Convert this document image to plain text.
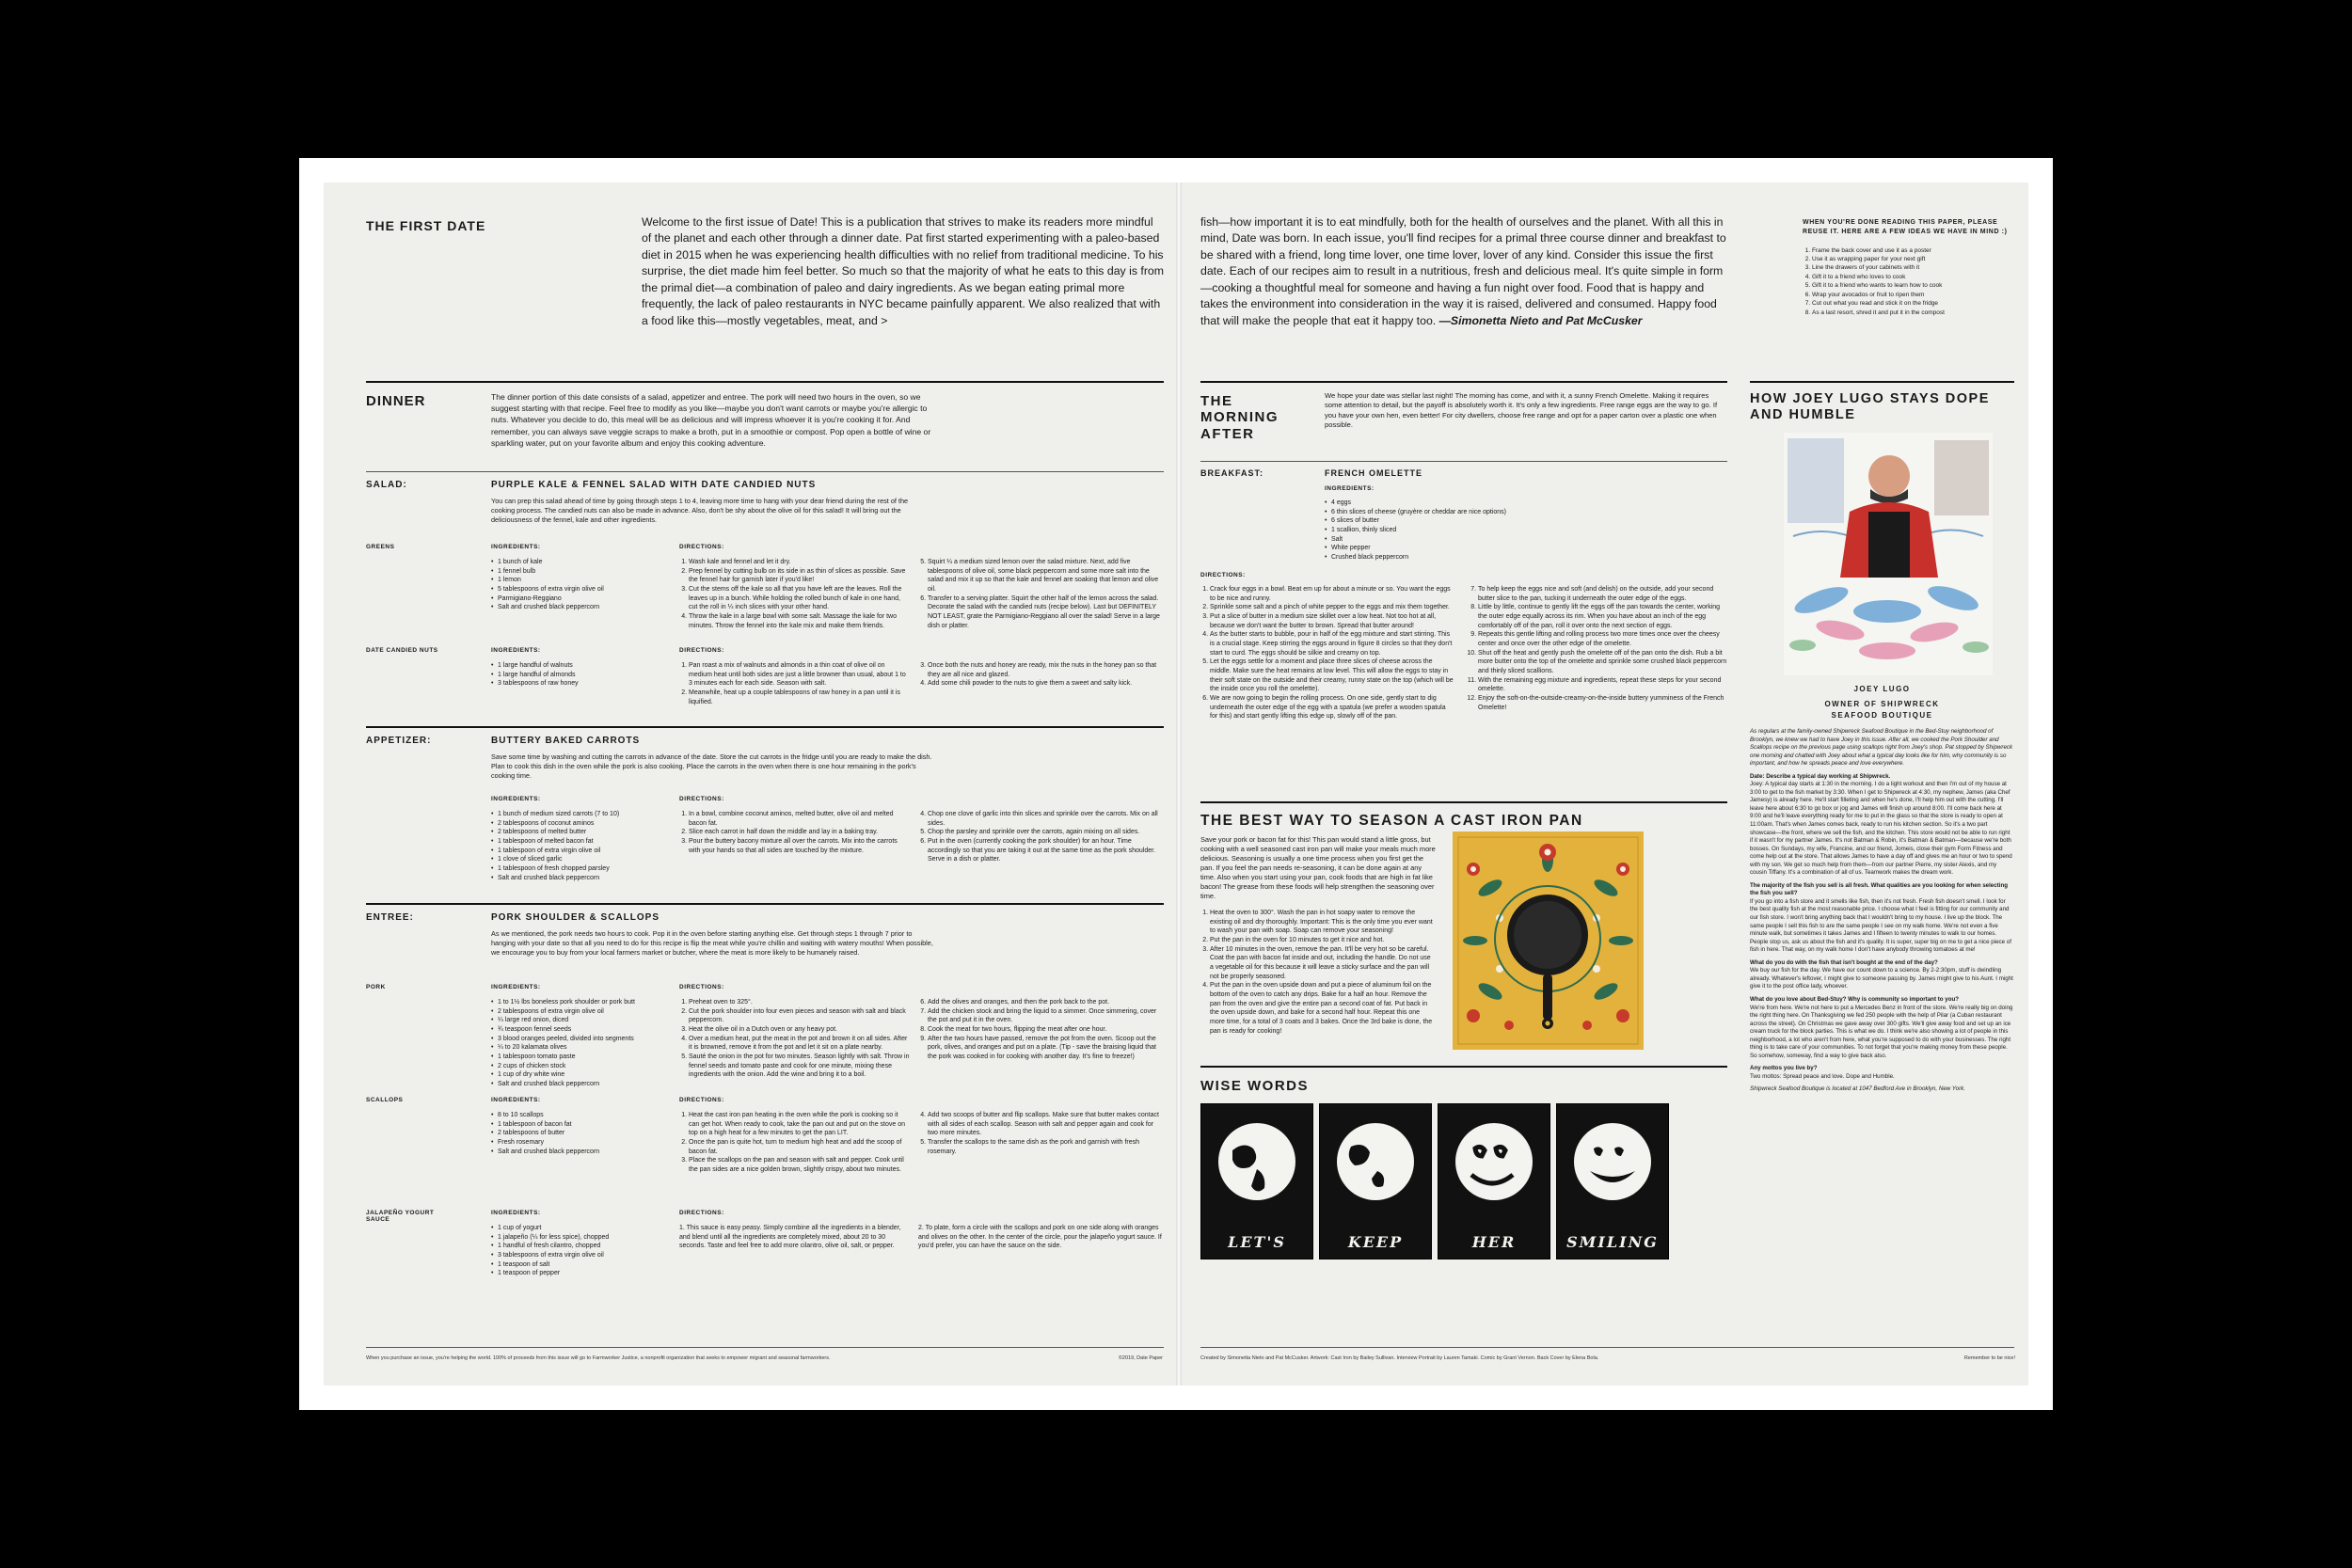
THE FIRST DATE	Welcome to the first issue of Date! This is a publication that strives to make its readers more mindful of the planet and each other through a dinner date. Pat first started experimenting with a paleo-based diet in 2015 when he was experiencing health difficulties with no relief from traditional medicine. To his surprise, the diet made him feel better. So much so that the majority of what he eats to this day is from the primal diet—a combination of paleo and dairy ingredients. As we began eating primal more frequently, the lack of paleo restaurants in NYC became painfully apparent. We also realized that with a food like this—mostly vegetables, meat, and >
DINNER	The dinner portion of this date consists of a salad, appetizer and entree. The pork will need two hours in the oven, so we suggest starting with that recipe. Feel free to modify as you like—maybe you don't want carrots or maybe you're allergic to nuts. Whatever you decide to do, this meal will be as delicious and will impress whoever it is you're cooking it for. And remember, you can always save veggie scraps to make a broth, put in a smoothie or compost. Pop open a bottle of wine or sparkling water, put on your favorite album and enjoy this cooking adventure.
SALAD:	PURPLE KALE & FENNEL SALAD WITH DATE CANDIED NUTS
You can prep this salad ahead of time by going through steps 1 to 4, leaving more time to hang with your dear friend during the rest of the cooking process. The candied nuts can also be made in advance. Also, don't be shy about the olive oil for this salad! It will bring out the deliciousness of the fennel, kale and other ingredients.
GREENS	INGREDIENTS:	DIRECTIONS:
• 1 bunch of kale
• 1 fennel bulb
• 1 lemon
• 5 tablespoons of extra virgin olive oil
• Parmigiano-Reggiano
• Salt and crushed black peppercorn
1. Wash kale and fennel and let it dry.
2. Prep fennel by cutting bulb on its side in as thin of slices as possible. Save the fennel hair for garnish later if you'd like!
3. Cut the stems off the kale so all that you have left are the leaves. Roll the leaves up in a bunch. While holding the rolled bunch of kale in one hand, cut the roll in ¼ inch slices with your other hand.
4. Throw the kale in a large bowl with some salt. Massage the kale for two minutes. Throw the fennel into the kale mix and make them friends.
5. Squirt ¼ a medium sized lemon over the salad mixture. Next, add five tablespoons of olive oil, some black peppercorn and some more salt into the salad and mix it up so that the kale and fennel are soaking that lemon and olive oil.
6. Transfer to a serving platter. Squirt the other half of the lemon across the salad. Decorate the salad with the candied nuts (recipe below). Last but DEFINITELY NOT LEAST, grate the Parmigiano-Reggiano all over the salad! Serve in a large dish or platter.
DATE CANDIED NUTS	INGREDIENTS:	DIRECTIONS:
• 1 large handful of walnuts
• 1 large handful of almonds
• 3 tablespoons of raw honey
1. Pan roast a mix of walnuts and almonds in a thin coat of olive oil on medium heat until both sides are just a little browner than usual, about 1 to 3 minutes each for each side. Season with salt.
2. Meanwhile, heat up a couple tablespoons of raw honey in a pan until it is liquified.
3. Once both the nuts and honey are ready, mix the nuts in the honey pan so that they are all nice and glazed.
4. Add some chili powder to the nuts to give them a sweet and salty kick.
APPETIZER:	BUTTERY BAKED CARROTS
Save some time by washing and cutting the carrots in advance of the date. Store the cut carrots in the fridge until you are ready to make the dish. Plan to cook this dish in the oven while the pork is also cooking. Place the carrots in the oven when there is one hour remaining in the pork's cooking time.
INGREDIENTS:	DIRECTIONS:
• 1 bunch of medium sized carrots (7 to 10)
• 2 tablespoons of coconut aminos
• 2 tablespoons of melted butter
• 1 tablespoon of melted bacon fat
• 1 tablespoon of extra virgin olive oil
• 1 clove of sliced garlic
• 1 tablespoon of fresh chopped parsley
• Salt and crushed black peppercorn
1. In a bowl, combine coconut aminos, melted butter, olive oil and melted bacon fat.
2. Slice each carrot in half down the middle and lay in a baking tray.
3. Pour the buttery bacony mixture all over the carrots. Mix into the carrots with your hands so that all sides are touched by the mixture.
4. Chop one clove of garlic into thin slices and sprinkle over the carrots. Mix on all sides.
5. Chop the parsley and sprinkle over the carrots, again mixing on all sides.
6. Put in the oven (currently cooking the pork shoulder) for an hour. Time accordingly so that you are taking it out at the same time as the pork shoulder. Serve in a dish or platter.
ENTREE:	PORK SHOULDER & SCALLOPS
As we mentioned, the pork needs two hours to cook. Pop it in the oven before starting anything else. Get through steps 1 through 7 prior to hanging with your date so that all you need to do for this recipe is flip the meat while you're chillin and waiting with watery mouths! When possible, we encourage you to buy from your local farmers market or butcher, where the meat is more likely to be humanely raised.
PORK	INGREDIENTS:	DIRECTIONS:
• 1 to 1½ lbs boneless pork shoulder or pork butt
• 2 tablespoons of extra virgin olive oil
• ¼ large red onion, diced
• ¾ teaspoon fennel seeds
• 3 blood oranges peeled, divided into segments
• ¼ to 20 kalamata olives
• 1 tablespoon tomato paste
• 2 cups of chicken stock
• 1 cup of dry white wine
• Salt and crushed black peppercorn
1. Preheat oven to 325°.
2. Cut the pork shoulder into four even pieces and season with salt and black peppercorn.
3. Heat the olive oil in a Dutch oven or any heavy pot.
4. Over a medium heat, put the meat in the pot and brown it on all sides. After it is browned, remove it from the pot and let it sit on a plate nearby.
5. Sauté the onion in the pot for two minutes. Season lightly with salt. Throw in fennel seeds and tomato paste and cook for one minute, mixing these ingredients with the onion. Add the wine and bring it to a boil.
6. Add the olives and oranges, and then the pork back to the pot.
7. Add the chicken stock and bring the liquid to a simmer. Once simmering, cover the pot and put it in the oven.
8. Cook the meat for two hours, flipping the meat after one hour.
9. After the two hours have passed, remove the pot from the oven. Scoop out the pork, olives, and oranges and put on a plate. (Tip - save the braising liquid that the pork was cooked in for cooking with another day. It's fine to freeze!)
SCALLOPS	INGREDIENTS:	DIRECTIONS:
• 8 to 10 scallops
• 1 tablespoon of bacon fat
• 2 tablespoons of butter
• Fresh rosemary
• Salt and crushed black peppercorn
1. Heat the cast iron pan heating in the oven while the pork is cooking so it can get hot. When ready to cook, take the pan out and put on the stove on top on a high heat for a few minutes to get the pan LIT.
2. Once the pan is quite hot, turn to medium high heat and add the scoop of bacon fat.
3. Place the scallops on the pan and season with salt and pepper. Cook until the pan sides are a nice golden brown, slightly crispy, about two minutes.
4. Add two scoops of butter and flip scallops. Make sure that butter makes contact with all sides of each scallop. Season with salt and pepper again and cook for two more minutes.
5. Transfer the scallops to the same dish as the pork and garnish with fresh rosemary.
JALAPEÑO YOGURT SAUCE
INGREDIENTS:	DIRECTIONS:
• 1 cup of yogurt
• 1 jalapeño (¼ for less spice), chopped
• 1 handful of fresh cilantro, chopped
• 3 tablespoons of extra virgin olive oil
• 1 teaspoon of salt
• 1 teaspoon of pepper
1. This sauce is easy peasy. Simply combine all the ingredients in a blender, and blend until all the ingredients are completely mixed, about 20 to 30 seconds. Taste and feel free to add more cilantro, olive oil, salt, or pepper.
2. To plate, form a circle with the scallops and pork on one side along with oranges and olives on the other. In the center of the circle, pour the jalapeño yogurt sauce. If you'd prefer, you can have the sauce on the side.
When you purchase an issue, you're helping the world. 100% of proceeds from this issue will go to Farmworker Justice, a nonprofit organization that seeks to empower migrant and seasonal farmworkers.	©2019, Date Paper
fish—how important it is to eat mindfully, both for the health of ourselves and the planet. With all this in mind, Date was born. In each issue, you'll find recipes for a primal three course dinner and breakfast to be shared with a friend, long time lover, one time lover, lover of any kind. Consider this issue the first date. Each of our recipes aim to result in a nutritious, fresh and delicious meal. It's quite simple in form—cooking a thoughtful meal for someone and having a fun night over food. Food that is happy and takes the environment into consideration in the way it is raised, delivered and consumed. Happy food that will make the people that eat it happy too. —Simonetta Nieto and Pat McCusker
WHEN YOU'RE DONE READING THIS PAPER, PLEASE REUSE IT. HERE ARE A FEW IDEAS WE HAVE IN MIND :)
1. Frame the back cover and use it as a poster
2. Use it as wrapping paper for your next gift
3. Line the drawers of your cabinets with it
4. Gift it to a friend who loves to cook
5. Gift it to a friend who wants to learn how to cook
6. Wrap your avocados or fruit to ripen them
7. Cut out what you read and stick it on the fridge
8. As a last resort, shred it and put it in the compost
THE MORNING AFTER
We hope your date was stellar last night! The morning has come, and with it, a sunny French Omelette. Making it requires some attention to detail, but the payoff is absolutely worth it. It's only a few ingredients. Free range eggs are the way to go. If you have your own hen, even better! For city dwellers, choose free range and opt for a paper carton over a plastic one when possible.
BREAKFAST:	FRENCH OMELETTE
INGREDIENTS:
• 4 eggs
• 6 thin slices of cheese (gruyère or cheddar are nice options)
• 6 slices of butter
• 1 scallion, thinly sliced
• Salt
• White pepper
• Crushed black peppercorn
DIRECTIONS:
1. Crack four eggs in a bowl. Beat em up for about a minute or so. You want the eggs to be nice and runny.
2. Sprinkle some salt and a pinch of white pepper to the eggs and mix them together.
3. Put a slice of butter in a medium size skillet over a low heat. Not too hot at all, because we don't want the butter to brown. Spread that butter around!
4. As the butter starts to bubble, pour in half of the egg mixture and start stirring. This is a crucial stage. Keep stirring the eggs around in figure 8 circles so that they don't start to curd. The eggs should be silkie and creamy on top.
5. Let the eggs settle for a moment and place three slices of cheese across the middle. Make sure the heat remains at low level. This will allow the eggs to stay in their soft state on the outside and their creamy, runny state on the top (which will be the inside once you roll the omelette).
6. We are now going to begin the rolling process. On one side, gently start to dig underneath the outer edge of the egg with a spatula (we prefer a wooden spatula for this) and start gently lifting this edge up, slowly off of the pan.
7. To help keep the eggs nice and soft (and delish) on the outside, add your second butter slice to the pan, tucking it underneath the outer edge of the eggs.
8. Little by little, continue to gently lift the eggs off the pan towards the center, working the outer edge equally across its rim. When you have about an inch of the egg comfortably off of the pan, roll it over onto the next section of eggs.
9. Repeats this gentle lifting and rolling process two more times once over the cheesy center and once over the other edge of the omelette.
10. Shut off the heat and gently push the omelette off of the pan onto the dish. Rub a bit more butter onto the top of the omelette and sprinkle some crushed black peppercorn and thinly sliced scallions.
11. With the remaining egg mixture and ingredients, repeat these steps for your second omelette.
12. Enjoy the soft-on-the-outside-creamy-on-the-inside buttery yumminess of the French Omelette!
THE BEST WAY TO SEASON A CAST IRON PAN
Save your pork or bacon fat for this! This pan would stand a little gross, but cooking with a well seasoned cast iron pan will make your meals much more delicious. Seasoning is usually a one time process when you first get the pan. If you feel the pan needs re-seasoning, it can be done again at any time. Also when you start using your pan, cook foods that are high in fat like bacon! The grease from these foods will help strengthen the seasoning over time.
1. Heat the oven to 300°. Wash the pan in hot soapy water to remove the existing oil and dry thoroughly. Important: This is the only time you ever want to wash your pan with soap. Soap can remove your seasoning!
2. Put the pan in the oven for 10 minutes to get it nice and hot.
3. After 10 minutes in the oven, remove the pan. It'll be very hot so be careful. Coat the pan with bacon fat inside and out, including the handle. Do not use a vegetable oil for this because it will leave a sticky surface and the pan will not be properly seasoned.
4. Put the pan in the oven upside down and put a piece of aluminum foil on the bottom of the oven to catch any drips. Bake for a half an hour. Remove the pan from the oven and give the entire pan a second coat of fat. Put back in the oven upside down, and bake for a second half hour. Repeat this one more time, for a total of 3 coats and 3 bakes. Once the 3rd bake is done, the pan is ready for cooking!
WISE WORDS
LET'S	KEEP	HER	SMILING
Created by Simonetta Nieto and Pat McCusker. Artwork: Cast Iron by Bailey Sullivan. Interview Portrait by Lauren Tamaki. Comic by Grant Vernon. Back Cover by Elena Bola.	Remember to be nice!
HOW JOEY LUGO STAYS DOPE AND HUMBLE
JOEY LUGO
OWNER OF SHIPWRECK SEAFOOD BOUTIQUE

As regulars at the family-owned Shipwreck Seafood Boutique in the Bed-Stuy neighborhood of Brooklyn, we knew we had to have Joey in this issue. After all, we cooked the Pork Shoulder and Scallops recipe on the previous page using scallops right from Joey's shop. Pat stopped by Shipwreck one morning and chatted with Joey about what a typical day looks like for him, why community is so important, and how he spreads peace and love everywhere.

Date: Describe a typical day working at Shipwreck.

Joey: A typical day starts at 1:30 in the morning. I do a light workout and then I'm out of my house at 3:00 to get to the fish market by 3:30. When I get to Shipwreck at 4:30, my nephew, James (aka Chef Jamesy) is already here. He'll start filleting and when he's done, I'll help him out with the cutting. I'll leave here about 6:30 to go box or jog and James will finish up around 8:00. I'll come back here at 9:00 and he'll leave everything ready for me to put in the glass so that the store is ready to open at 11:00am. That's when James comes back, ready to run his kitchen section. So it's a two part showcase—the front, where we sell the fish, and the kitchen. This store would not be able to run right if it wasn't for my partner James. It's not Batman & Robin, it's Batman & Batman—because we're both bosses. On Sundays, my wife, Francine, and our friend, Jomeis, close their gym Form Fitness and come help out at the store. That allows James to have a day off and gives me an hour or two to spend with my son. We get so much help from them—from our partner Pierre, my sister Alexis, and my cousin Tiffany. It's a combination of all of us. Teamwork makes the dream work.

The majority of the fish you sell is all fresh. What qualities are you looking for when selecting the fish you sell?

If you go into a fish store and it smells like fish, then it's not fresh. Fresh fish doesn't smell. I look for the best quality fish at the most reasonable price. I choose what I feel is fitting for our community and our fish store. I won't bring anything back that I wouldn't bring to my house. I live up the block. The same people I sell this fish to are the same people I see on my walk home. We're not even a five minute walk, but sometimes it takes James and I fifteen to twenty minutes to walk to our homes. People stop us, ask us about the fish and it's quality. It is super, super big on me to get a nice piece of fish in here. That way, on my walk home I don't have anybody throwing tomatoes at me!

What do you do with the fish that isn't bought at the end of the day?

We buy our fish for the day. We have our count down to a science. By 2-2:30pm, stuff is dwindling already. Whatever's leftover, I might give to someone passing by. James might give to his Aunt. I might give it to the post office lady, whoever.

What do you love about Bed-Stuy? Why is community so important to you?

We're from here. We're not here to put a Mercedes Benz in front of the store. We're really big on doing the right thing here. On Thanksgiving we fed 250 people with the help of Pilar (a Cuban restaurant across the street). On Christmas we gave away over 300 gifts. We'll give away food and set up an ice cream truck for the block parties. This is what we do. I think we're also showing a lot of people in this neighborhood, a lot who aren't from here, what you're supposed to do with your businesses. The right thing is to take care of your communities. To not forget that you're making money from these people. So somehow, someway, find a way to give back also.

Any mottos you live by?

Two mottos: Spread peace and love. Dope and Humble.

Shipwreck Seafood Boutique is located at 1047 Bedford Ave in Brooklyn, New York.
